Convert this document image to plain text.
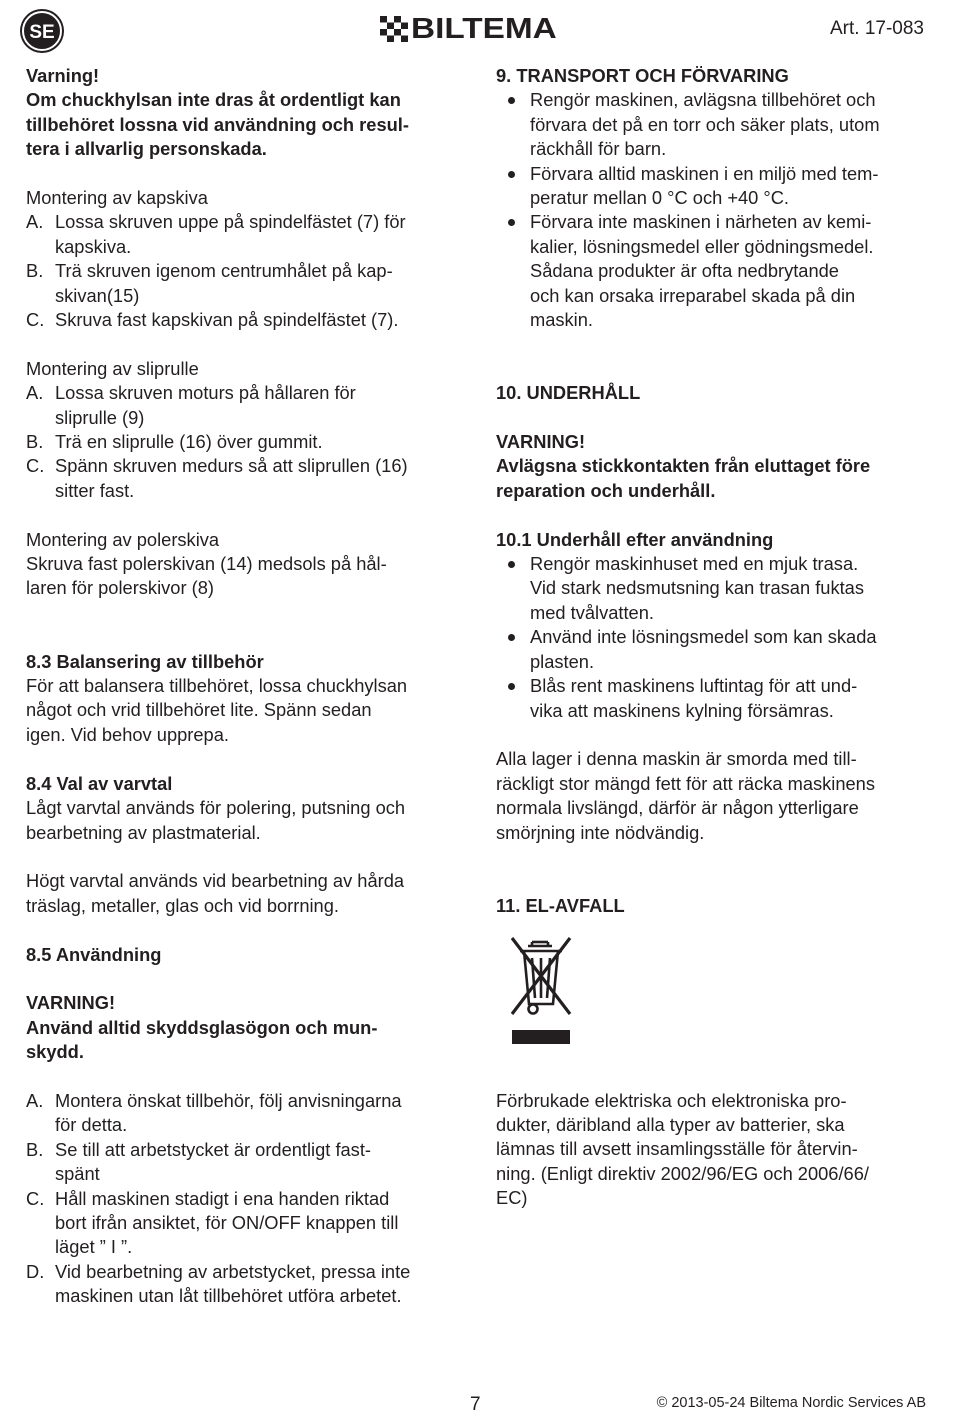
SE	BILTEMA	Art. 17-083

Varning!

Om chuckhylsan inte dras åt ordentligt kan

tillbehöret lossna vid användning och resul-

tera i allvarlig personskada.

Montering av kapskiva

A. Lossa skruven uppe på spindelfästet (7) för

kapskiva.

B. Trä skruven igenom centrumhålet på kap-

skivan(15)

C. Skruva fast kapskivan på spindelfästet (7).

Montering av sliprulle

A. Lossa skruven moturs på hållaren för

sliprulle (9)

B. Trä en sliprulle (16) över gummit.

C. Spänn skruven medurs så att sliprullen (16)

sitter fast.

Montering av polerskiva

Skruva fast polerskivan (14) medsols på hål-

laren för polerskivor (8)

8.3 Balansering av tillbehör

För att balansera tillbehöret, lossa chuckhylsan

något och vrid tillbehöret lite. Spänn sedan

igen. Vid behov upprepa.

8.4 Val av varvtal

Lågt varvtal används för polering, putsning och

bearbetning av plastmaterial.

Högt varvtal används vid bearbetning av hårda

träslag, metaller, glas och vid borrning.

8.5 Användning

VARNING!

Använd alltid skyddsglasögon och mun-

skydd.

A. Montera önskat tillbehör, följ anvisningarna

för detta.

B. Se till att arbetstycket är ordentligt fast-

spänt

C. Håll maskinen stadigt i ena handen riktad

bort ifrån ansiktet, för ON/OFF knappen till

läget ” I ”.

D. Vid bearbetning av arbetstycket, pressa inte

maskinen utan låt tillbehöret utföra arbetet.

9. TRANSPORT OCH FÖRVARING

Rengör maskinen, avlägsna tillbehöret och

förvara det på en torr och säker plats, utom

räckhåll för barn.

Förvara alltid maskinen i en miljö med tem-

peratur mellan 0 °C och +40 °C.

Förvara inte maskinen i närheten av kemi-

kalier, lösningsmedel eller gödningsmedel.

Sådana produkter är ofta nedbrytande

och kan orsaka irreparabel skada på din

maskin.

10. UNDERHÅLL

VARNING!

Avlägsna stickkontakten från eluttaget före

reparation och underhåll.

10.1 Underhåll efter användning

Rengör maskinhuset med en mjuk trasa.

Vid stark nedsmutsning kan trasan fuktas

med tvålvatten.

Använd inte lösningsmedel som kan skada

plasten.

Blås rent maskinens luftintag för att und-

vika att maskinens kylning försämras.

Alla lager i denna maskin är smorda med till-

räckligt stor mängd fett för att räcka maskinens

normala livslängd, därför är någon ytterligare

smörjning inte nödvändig.

11. EL-AVFALL

Förbrukade elektriska och elektroniska pro-

dukter, däribland alla typer av batterier, ska

lämnas till avsett insamlingsställe för återvin-

ning. (Enligt direktiv 2002/96/EG och 2006/66/

EC)

7	© 2013-05-24 Biltema Nordic Services AB
